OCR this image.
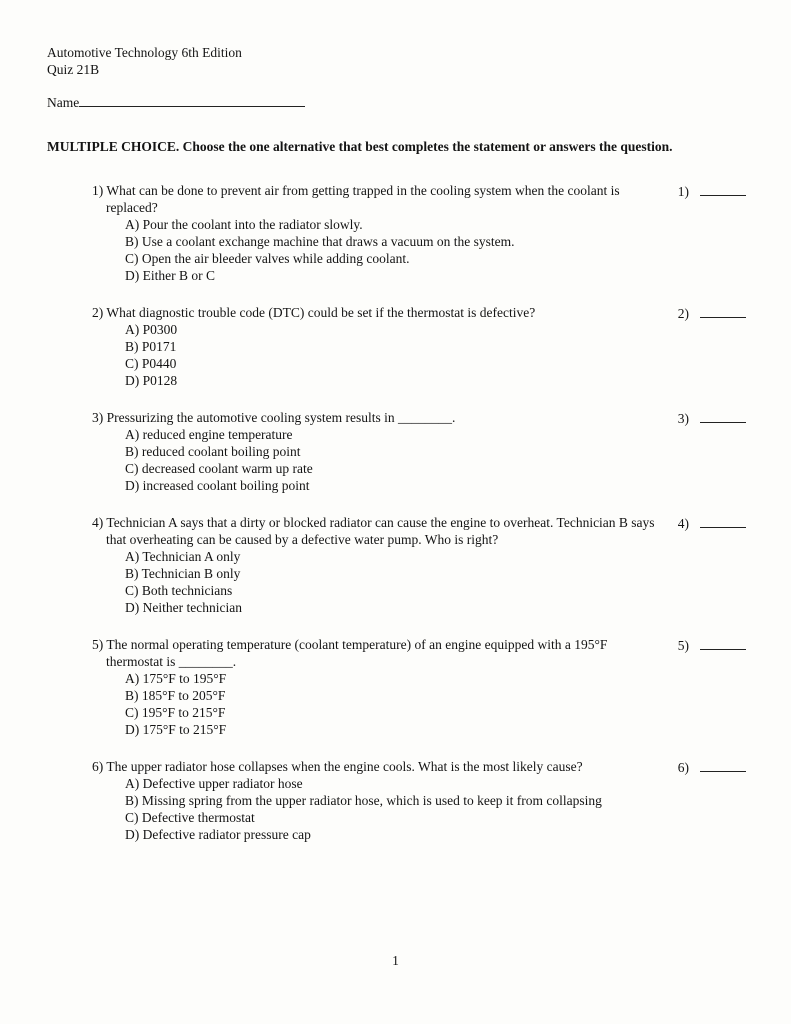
Automotive Technology 6th Edition
Quiz 21B
Name
MULTIPLE CHOICE. Choose the one alternative that best completes the statement or answers the question.
1) What can be done to prevent air from getting trapped in the cooling system when the coolant is replaced?
A) Pour the coolant into the radiator slowly.
B) Use a coolant exchange machine that draws a vacuum on the system.
C) Open the air bleeder valves while adding coolant.
D) Either B or C
1)
2) What diagnostic trouble code (DTC) could be set if the thermostat is defective?
A) P0300
B) P0171
C) P0440
D) P0128
2)
3) Pressurizing the automotive cooling system results in ________.
A) reduced engine temperature
B) reduced coolant boiling point
C) decreased coolant warm up rate
D) increased coolant boiling point
3)
4) Technician A says that a dirty or blocked radiator can cause the engine to overheat. Technician B says that overheating can be caused by a defective water pump. Who is right?
A) Technician A only
B) Technician B only
C) Both technicians
D) Neither technician
4)
5) The normal operating temperature (coolant temperature) of an engine equipped with a 195°F thermostat is ________.
A) 175°F to 195°F
B) 185°F to 205°F
C) 195°F to 215°F
D) 175°F to 215°F
5)
6) The upper radiator hose collapses when the engine cools. What is the most likely cause?
A) Defective upper radiator hose
B) Missing spring from the upper radiator hose, which is used to keep it from collapsing
C) Defective thermostat
D) Defective radiator pressure cap
6)
1
